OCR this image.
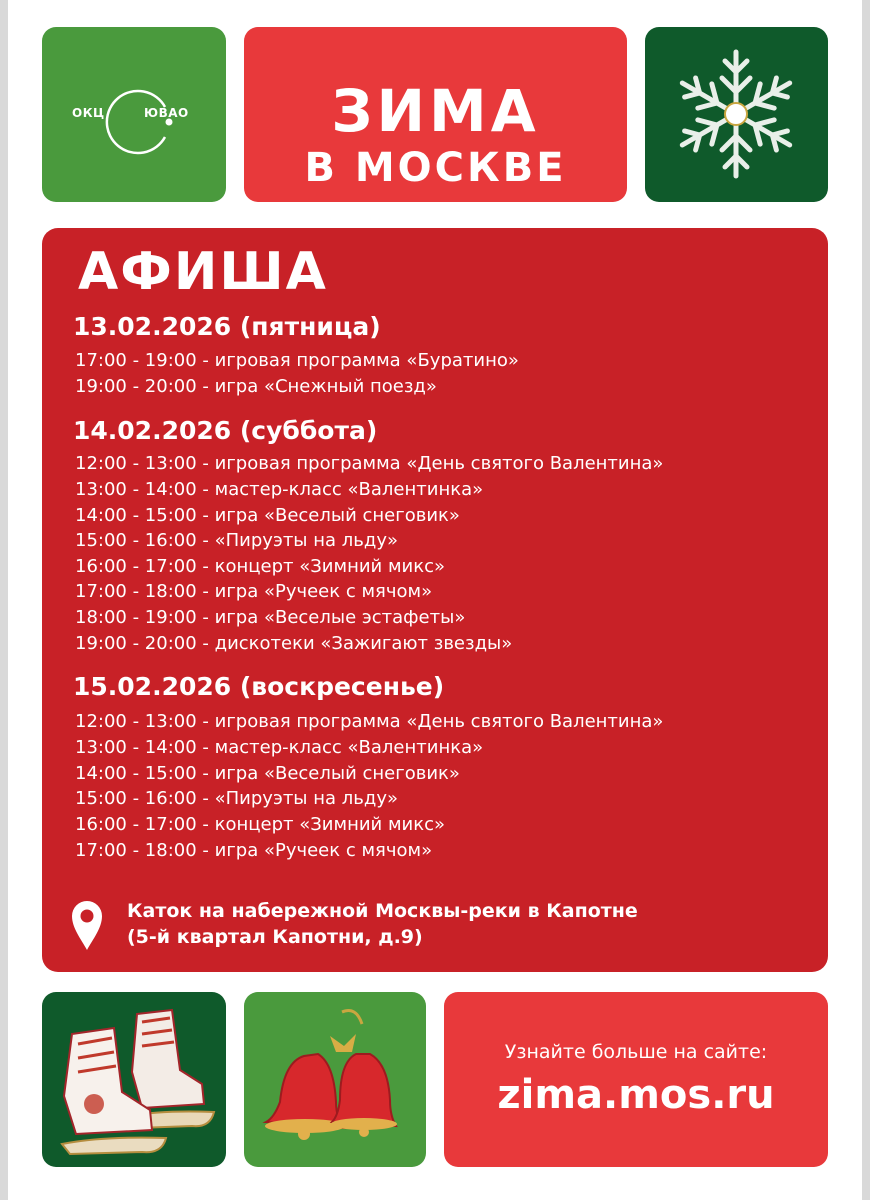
ОКЦ	ЮВАО	ЗИМА
В МОСКВЕ
АФИША
13.02.2026 (пятница)
17:00 - 19:00 - игровая программа «Буратино»
19:00 - 20:00 - игра «Снежный поезд»
14.02.2026 (суббота)
12:00 - 13:00 - игровая программа «День святого Валентина»
13:00 - 14:00 - мастер-класс «Валентинка»
14:00 - 15:00 - игра «Веселый снеговик»
15:00 - 16:00 - «Пируэты на льду»
16:00 - 17:00 - концерт «Зимний микс»
17:00 - 18:00 - игра «Ручеек с мячом»
18:00 - 19:00 - игра «Веселые эстафеты»
19:00 - 20:00 - дискотеки «Зажигают звезды»
15.02.2026 (воскресенье)
12:00 - 13:00 - игровая программа «День святого Валентина»
13:00 - 14:00 - мастер-класс «Валентинка»
14:00 - 15:00 - игра «Веселый снеговик»
15:00 - 16:00 - «Пируэты на льду»
16:00 - 17:00 - концерт «Зимний микс»
17:00 - 18:00 - игра «Ручеек с мячом»
Каток на набережной Москвы-реки в Капотне
(5-й квартал Капотни, д.9)
Узнайте больше на сайте:
zima.mos.ru
